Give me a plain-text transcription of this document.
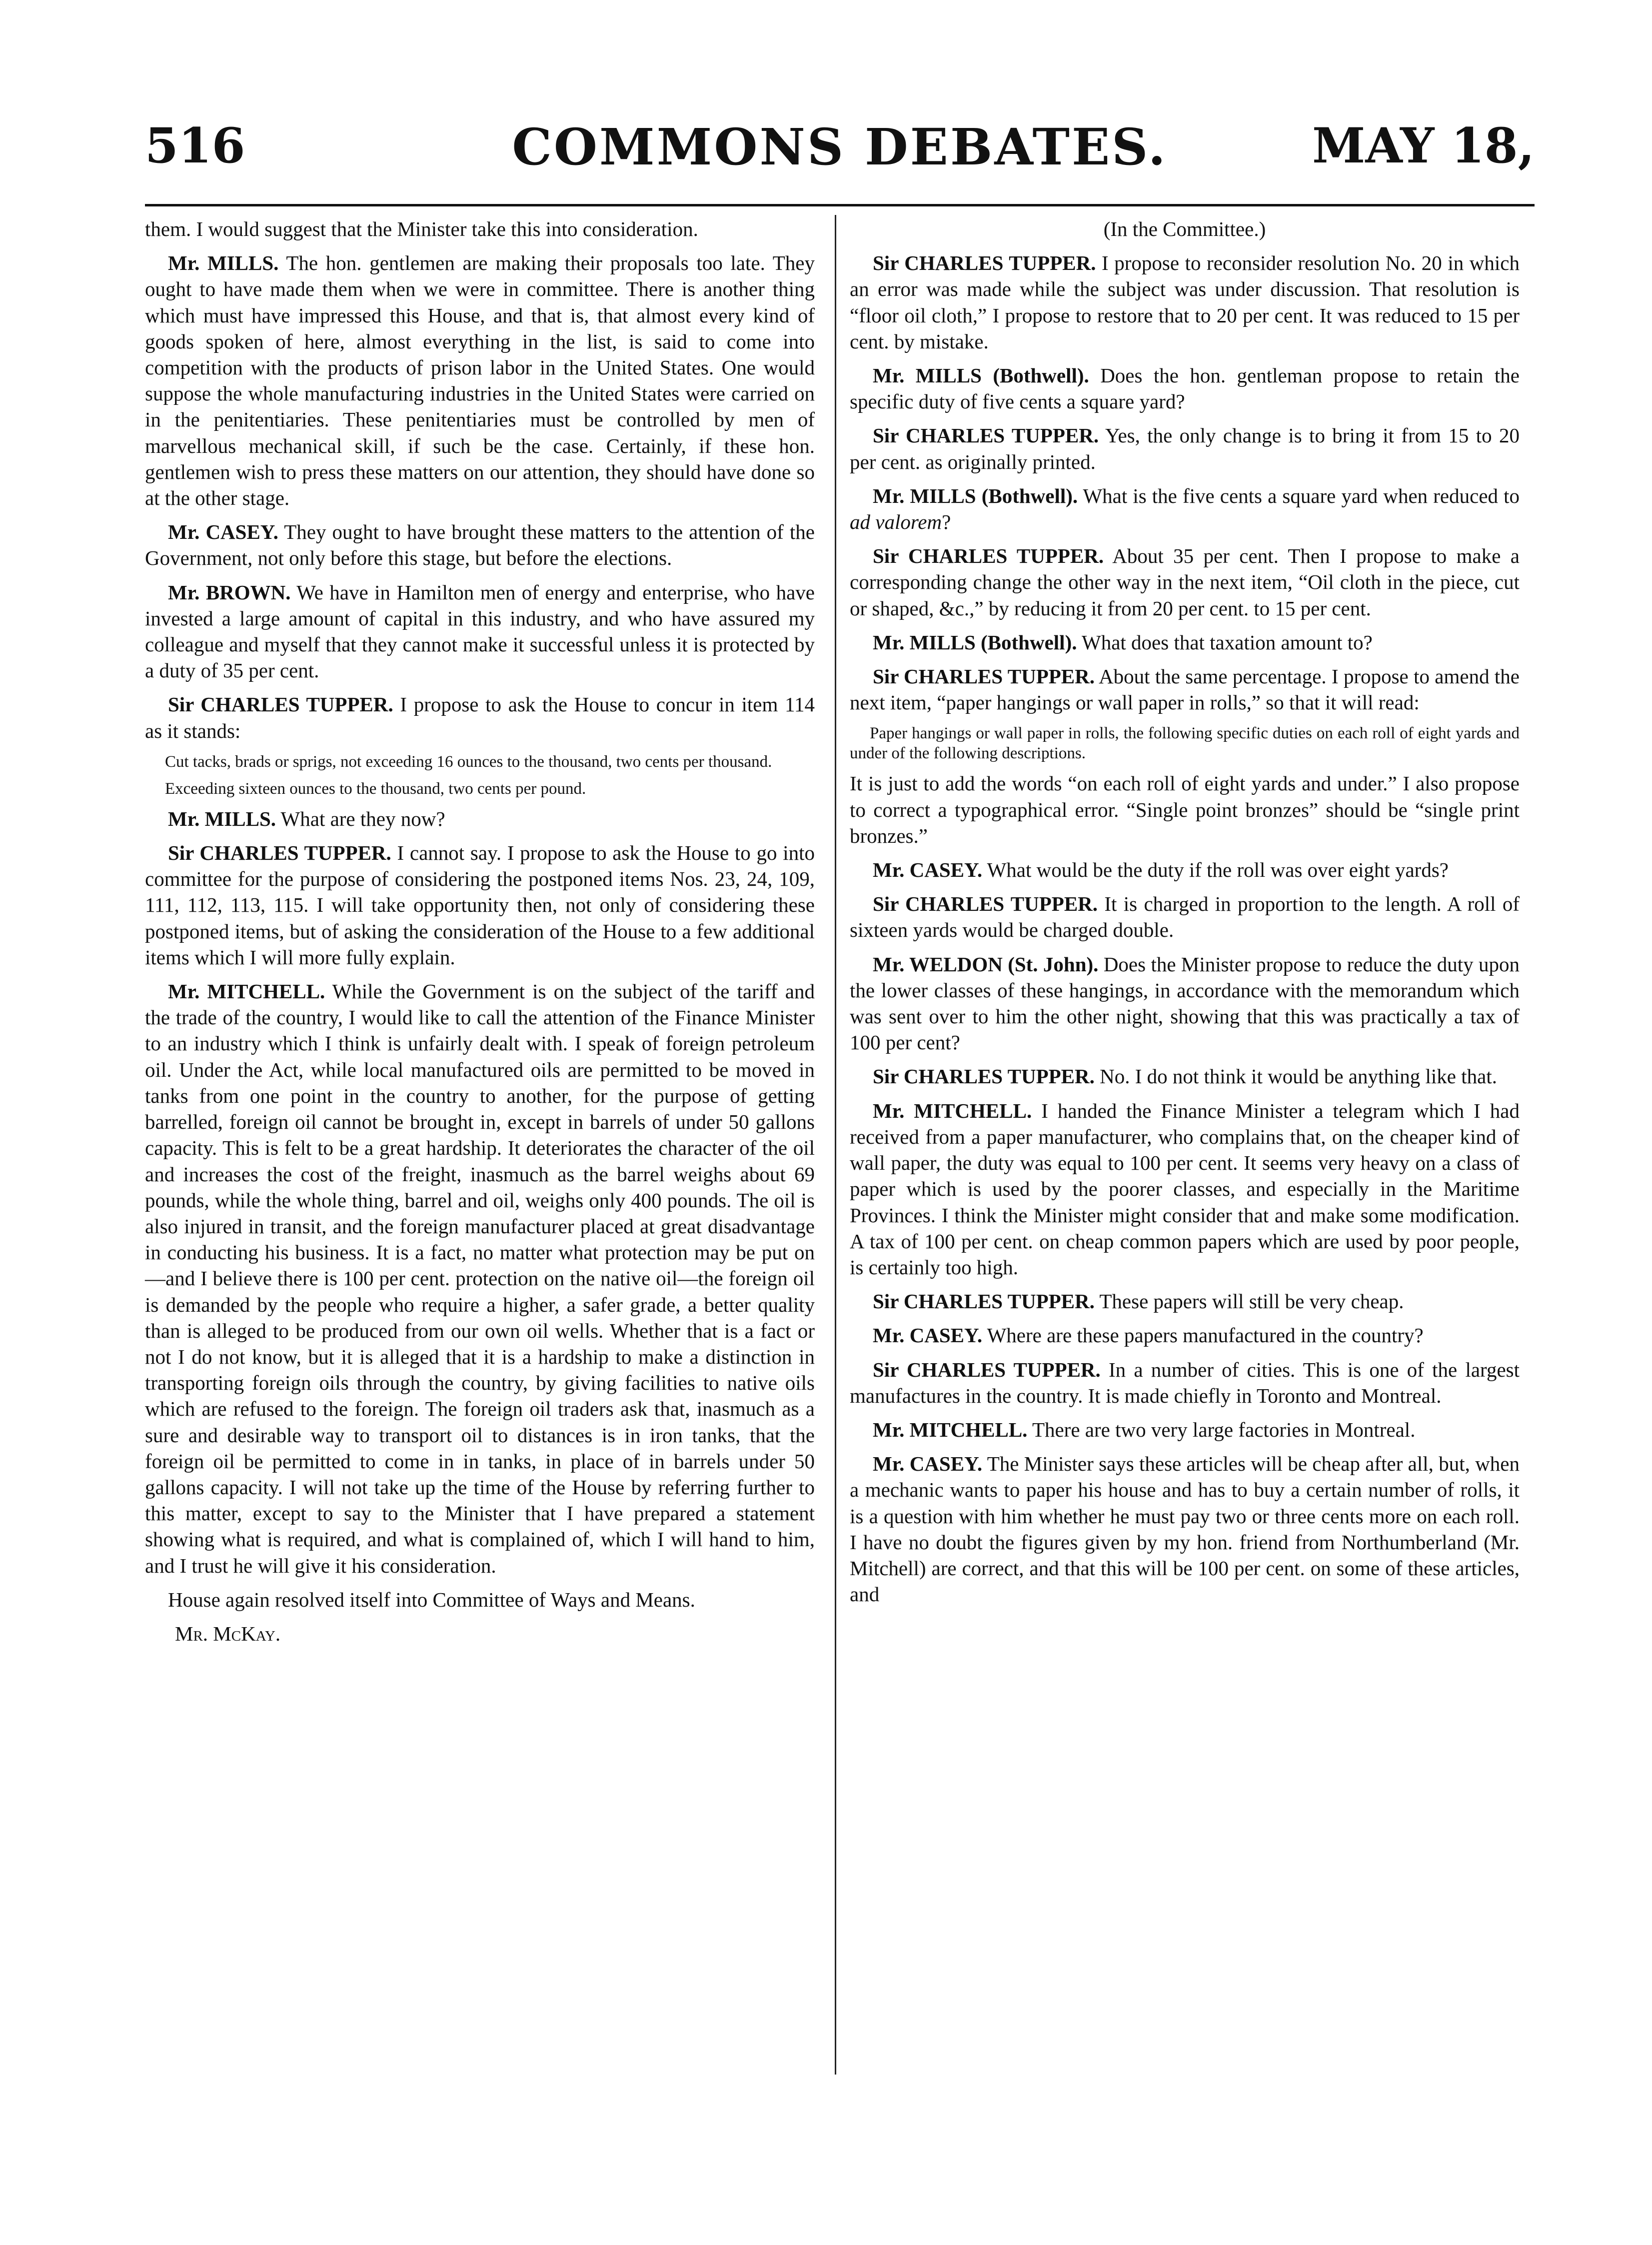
516	COMMONS DEBATES.	MAY 18,

them. I would suggest that the Minister take this into consideration.

Mr. MILLS. The hon. gentlemen are making their proposals too late. They ought to have made them when we were in committee. There is another thing which must have impressed this House, and that is, that almost every kind of goods spoken of here, almost everything in the list, is said to come into competition with the products of prison labor in the United States. One would suppose the whole manufacturing industries in the United States were carried on in the penitentiaries. These penitentiaries must be controlled by men of marvellous mechanical skill, if such be the case. Certainly, if these hon. gentlemen wish to press these matters on our attention, they should have done so at the other stage.

Mr. CASEY. They ought to have brought these matters to the attention of the Government, not only before this stage, but before the elections.

Mr. BROWN. We have in Hamilton men of energy and enterprise, who have invested a large amount of capital in this industry, and who have assured my colleague and myself that they cannot make it successful unless it is protected by a duty of 35 per cent.

Sir CHARLES TUPPER. I propose to ask the House to concur in item 114 as it stands:

Cut tacks, brads or sprigs, not exceeding 16 ounces to the thousand, two cents per thousand.
Exceeding sixteen ounces to the thousand, two cents per pound.

Mr. MILLS. What are they now?

Sir CHARLES TUPPER. I cannot say. I propose to ask the House to go into committee for the purpose of considering the postponed items Nos. 23, 24, 109, 111, 112, 113, 115. I will take opportunity then, not only of considering these postponed items, but of asking the consideration of the House to a few additional items which I will more fully explain.

Mr. MITCHELL. While the Government is on the subject of the tariff and the trade of the country, I would like to call the attention of the Finance Minister to an industry which I think is unfairly dealt with. I speak of foreign petroleum oil. Under the Act, while local manufactured oils are permitted to be moved in tanks from one point in the country to another, for the purpose of getting barrelled, foreign oil cannot be brought in, except in barrels of under 50 gallons capacity. This is felt to be a great hardship. It deteriorates the character of the oil and increases the cost of the freight, inasmuch as the barrel weighs about 69 pounds, while the whole thing, barrel and oil, weighs only 400 pounds. The oil is also injured in transit, and the foreign manufacturer placed at great disadvantage in conducting his business. It is a fact, no matter what protection may be put on—and I believe there is 100 per cent. protection on the native oil—the foreign oil is demanded by the people who require a higher, a safer grade, a better quality than is alleged to be produced from our own oil wells. Whether that is a fact or not I do not know, but it is alleged that it is a hardship to make a distinction in transporting foreign oils through the country, by giving facilities to native oils which are refused to the foreign. The foreign oil traders ask that, inasmuch as a sure and desirable way to transport oil to distances is in iron tanks, that the foreign oil be permitted to come in in tanks, in place of in barrels under 50 gallons capacity. I will not take up the time of the House by referring further to this matter, except to say to the Minister that I have prepared a statement showing what is required, and what is complained of, which I will hand to him, and I trust he will give it his consideration.

House again resolved itself into Committee of Ways and Means.

Mr. McKay.

(In the Committee.)

Sir CHARLES TUPPER. I propose to reconsider resolution No. 20 in which an error was made while the subject was under discussion. That resolution is “floor oil cloth,” I propose to restore that to 20 per cent. It was reduced to 15 per cent. by mistake.

Mr. MILLS (Bothwell). Does the hon. gentleman propose to retain the specific duty of five cents a square yard?

Sir CHARLES TUPPER. Yes, the only change is to bring it from 15 to 20 per cent. as originally printed.

Mr. MILLS (Bothwell). What is the five cents a square yard when reduced to ad valorem?

Sir CHARLES TUPPER. About 35 per cent. Then I propose to make a corresponding change the other way in the next item, “Oil cloth in the piece, cut or shaped, &c.,” by reducing it from 20 per cent. to 15 per cent.

Mr. MILLS (Bothwell). What does that taxation amount to?

Sir CHARLES TUPPER. About the same percentage. I propose to amend the next item, “paper hangings or wall paper in rolls,” so that it will read:

Paper hangings or wall paper in rolls, the following specific duties on each roll of eight yards and under of the following descriptions.

It is just to add the words “on each roll of eight yards and under.” I also propose to correct a typographical error. “Single point bronzes” should be “single print bronzes.”

Mr. CASEY. What would be the duty if the roll was over eight yards?

Sir CHARLES TUPPER. It is charged in proportion to the length. A roll of sixteen yards would be charged double.

Mr. WELDON (St. John). Does the Minister propose to reduce the duty upon the lower classes of these hangings, in accordance with the memorandum which was sent over to him the other night, showing that this was practically a tax of 100 per cent?

Sir CHARLES TUPPER. No. I do not think it would be anything like that.

Mr. MITCHELL. I handed the Finance Minister a telegram which I had received from a paper manufacturer, who complains that, on the cheaper kind of wall paper, the duty was equal to 100 per cent. It seems very heavy on a class of paper which is used by the poorer classes, and especially in the Maritime Provinces. I think the Minister might consider that and make some modification. A tax of 100 per cent. on cheap common papers which are used by poor people, is certainly too high.

Sir CHARLES TUPPER. These papers will still be very cheap.

Mr. CASEY. Where are these papers manufactured in the country?

Sir CHARLES TUPPER. In a number of cities. This is one of the largest manufactures in the country. It is made chiefly in Toronto and Montreal.

Mr. MITCHELL. There are two very large factories in Montreal.

Mr. CASEY. The Minister says these articles will be cheap after all, but, when a mechanic wants to paper his house and has to buy a certain number of rolls, it is a question with him whether he must pay two or three cents more on each roll. I have no doubt the figures given by my hon. friend from Northumberland (Mr. Mitchell) are correct, and that this will be 100 per cent. on some of these articles, and
